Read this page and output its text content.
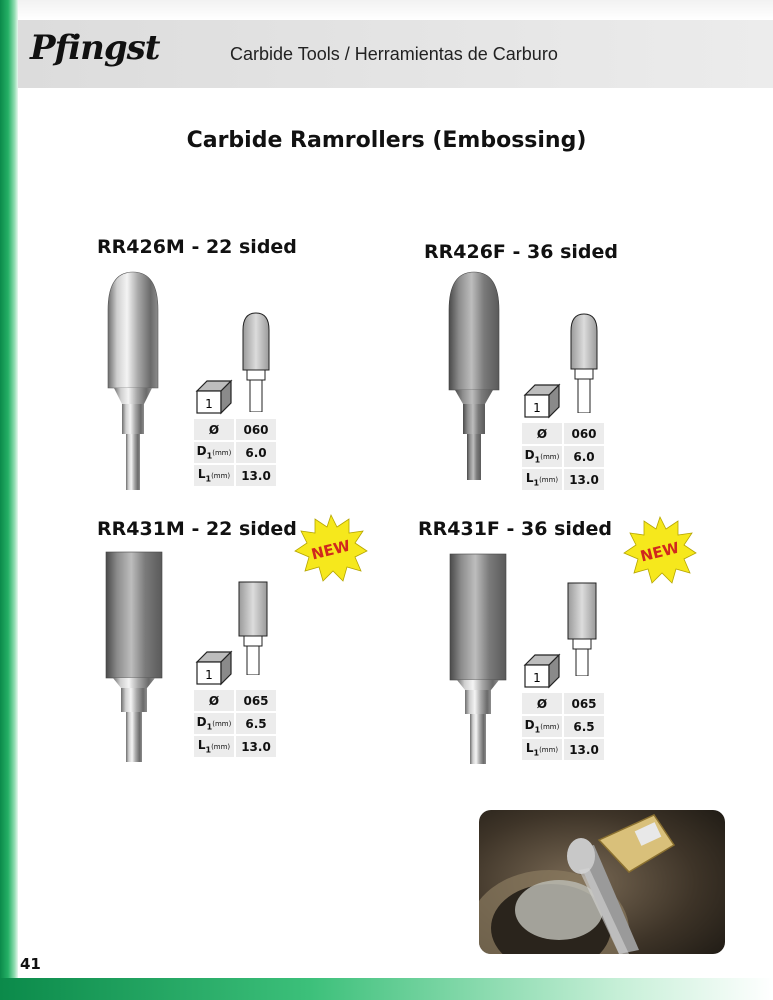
Pfingst	Carbide Tools / Herramientas de Carburo
Carbide Ramrollers (Embossing)
RR426M - 22 sided
1
Ø	060
$D_1(mm)$	6.0
$L_1(mm)$	13.0
RR426F - 36 sided
1
Ø	060
$D_1(mm)$	6.0
$L_1(mm)$	13.0
RR431M - 22 sided
NEW
1
Ø	065
$D_1(mm)$	6.5
$L_1(mm)$	13.0
RR431F - 36 sided
NEW
1
Ø	065
$D_1(mm)$	6.5
$L_1(mm)$	13.0
41
